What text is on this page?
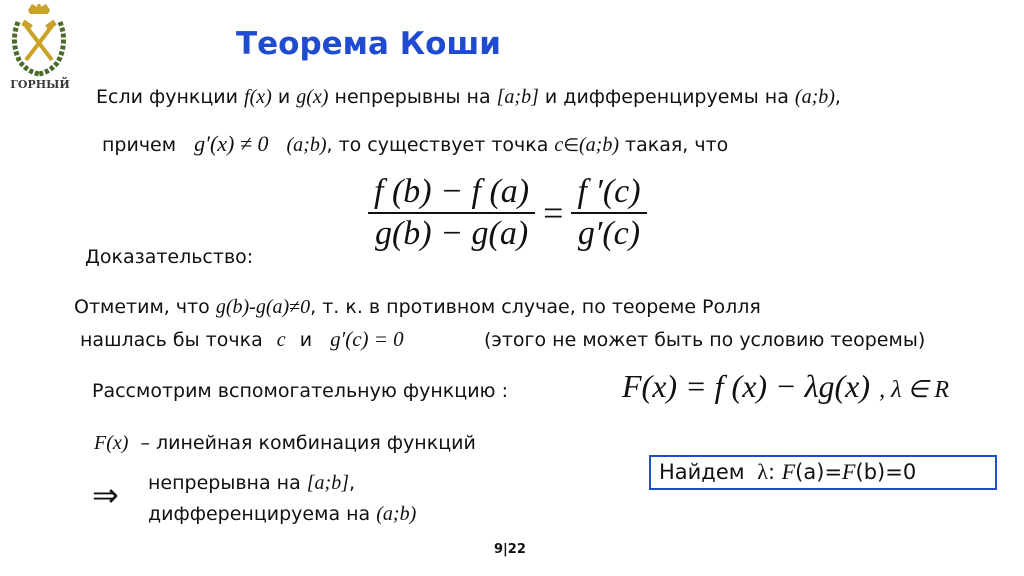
ГОРНЫЙ
Теорема Коши
Если функции f(x) и g(x) непрерывны на [a;b] и дифференцируемы на (a;b),
причем g′(x) ≠ 0 (a;b), то существует точка c∈(a;b) такая, что
$\frac{f (b) - f (a)}{g(b) - g(a)} = \frac{f '(c)}{g'(c)}$
Доказательство:
Отметим, что g(b)-g(a)≠0, т. к. в противном случае, по теореме Ролля
нашлась бы точка c и g′(c) = 0	(этого не может быть по условию теоремы)
Рассмотрим вспомогательную функцию :	F(x) = f (x) − λg(x) , λ ∈ R
F(x) – линейная комбинация функций
⇒ непрерывна на [a;b],
дифференцируема на (a;b)
Найдем λ: F(a)=F(b)=0
9|22
